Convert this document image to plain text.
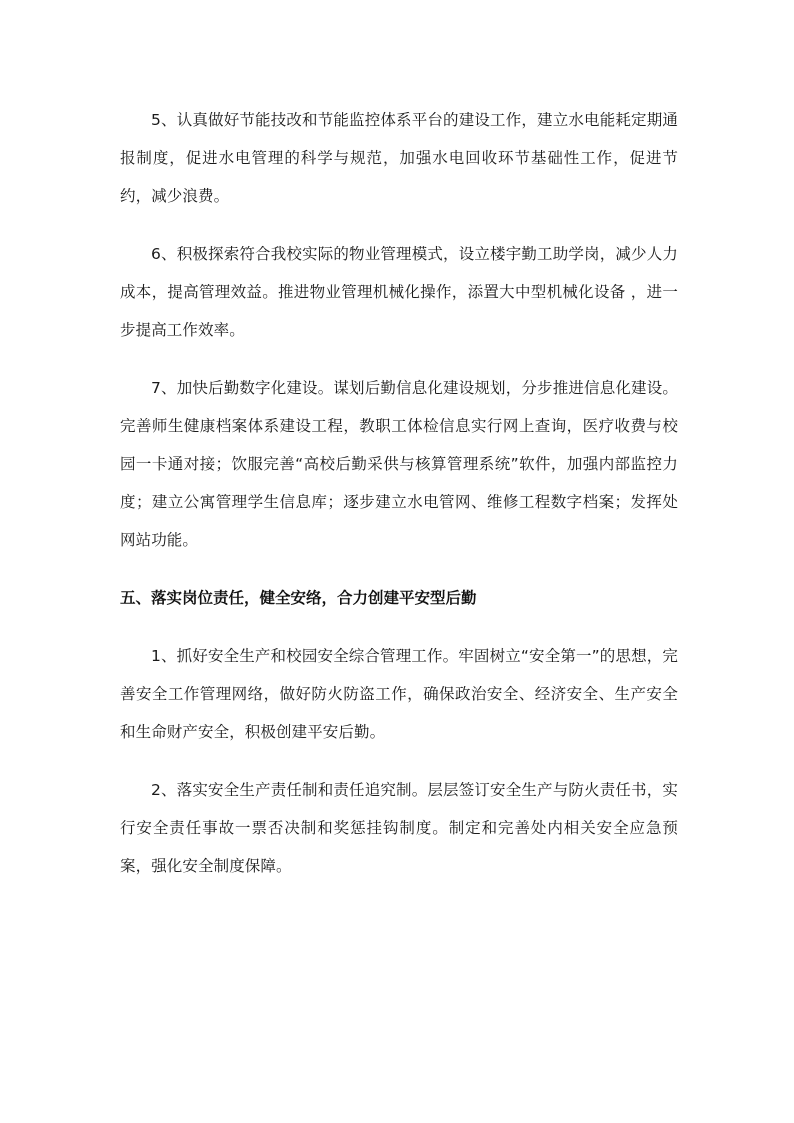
5、认真做好节能技改和节能监控体系平台的建设工作，建立水电能耗定期通报制度，促进水电管理的科学与规范，加强水电回收环节基础性工作，促进节约，减少浪费。

6、积极探索符合我校实际的物业管理模式，设立楼宇勤工助学岗，减少人力成本，提高管理效益。推进物业管理机械化操作，添置大中型机械化设备 ，进一步提高工作效率。

7、加快后勤数字化建设。谋划后勤信息化建设规划，分步推进信息化建设。完善师生健康档案体系建设工程，教职工体检信息实行网上查询，医疗收费与校园一卡通对接；饮服完善“高校后勤采供与核算管理系统”软件，加强内部监控力度；建立公寓管理学生信息库；逐步建立水电管网、维修工程数字档案；发挥处网站功能。

五、落实岗位责任，健全安络，合力创建平安型后勤

1、抓好安全生产和校园安全综合管理工作。牢固树立“安全第一”的思想，完善安全工作管理网络，做好防火防盗工作，确保政治安全、经济安全、生产安全和生命财产安全，积极创建平安后勤。

2、落实安全生产责任制和责任追究制。层层签订安全生产与防火责任书，实行安全责任事故一票否决制和奖惩挂钩制度。制定和完善处内相关安全应急预案，强化安全制度保障。
